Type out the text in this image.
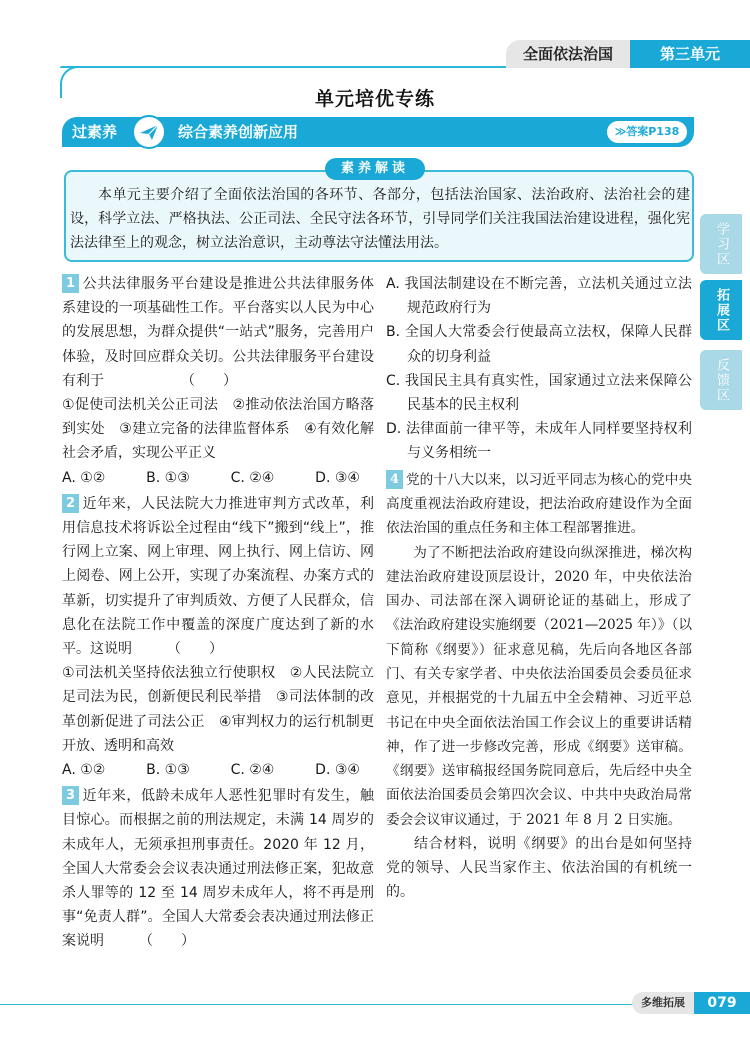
全面依法治国	第三单元
单元培优专练
过素养	综合素养创新应用	≫答案P138
素养解读
本单元主要介绍了全面依法治国的各环节、各部分，包括法治国家、法治政府、法治社会的建设，科学立法、严格执法、公正司法、全民守法各环节，引导同学们关注我国法治建设进程，强化宪法法律至上的观念，树立法治意识，主动尊法守法懂法用法。	学习区
拓展区
反馈区
1 公共法律服务平台建设是推进公共法律服务体系建设的一项基础性工作。平台落实以人民为中心的发展思想，为群众提供“一站式”服务，完善用户体验，及时回应群众关切。公共法律服务平台建设有利于　　　　　　（　　）
①促使司法机关公正司法　②推动依法治国方略落到实处　③建立完备的法律监督体系　④有效化解社会矛盾，实现公平正义
A. ①②	B. ①③	C. ②④	D. ③④
2 近年来，人民法院大力推进审判方式改革，利用信息技术将诉讼全过程由“线下”搬到“线上”，推行网上立案、网上审理、网上执行、网上信访、网上阅卷、网上公开，实现了办案流程、办案方式的革新，切实提升了审判质效、方便了人民群众，信息化在法院工作中覆盖的深度广度达到了新的水平。这说明　　　（　　）
①司法机关坚持依法独立行使职权　②人民法院立足司法为民，创新便民利民举措　③司法体制的改革创新促进了司法公正　④审判权力的运行机制更开放、透明和高效
A. ①②	B. ①③	C. ②④	D. ③④
3 近年来，低龄未成年人恶性犯罪时有发生，触目惊心。而根据之前的刑法规定，未满 14 周岁的未成年人，无须承担刑事责任。2020 年 12 月，全国人大常委会会议表决通过刑法修正案，犯故意杀人罪等的 12 至 14 周岁未成年人，将不再是刑事“免责人群”。全国人大常委会表决通过刑法修正案说明　　　（　　）
A. 我国法制建设在不断完善，立法机关通过立法规范政府行为
B. 全国人大常委会行使最高立法权，保障人民群众的切身利益
C. 我国民主具有真实性，国家通过立法来保障公民基本的民主权利
D. 法律面前一律平等，未成年人同样要坚持权利与义务相统一
4 党的十八大以来，以习近平同志为核心的党中央高度重视法治政府建设，把法治政府建设作为全面依法治国的重点任务和主体工程部署推进。
为了不断把法治政府建设向纵深推进，梯次构建法治政府建设顶层设计，2020 年，中央依法治国办、司法部在深入调研论证的基础上，形成了《法治政府建设实施纲要（2021—2025 年）》（以下简称《纲要》）征求意见稿，先后向各地区各部门、有关专家学者、中央依法治国委员会委员征求意见，并根据党的十九届五中全会精神、习近平总书记在中央全面依法治国工作会议上的重要讲话精神，作了进一步修改完善，形成《纲要》送审稿。《纲要》送审稿报经国务院同意后，先后经中央全面依法治国委员会第四次会议、中共中央政治局常委会会议审议通过，于 2021 年 8 月 2 日实施。
结合材料，说明《纲要》的出台是如何坚持党的领导、人民当家作主、依法治国的有机统一的。
多维拓展	079
